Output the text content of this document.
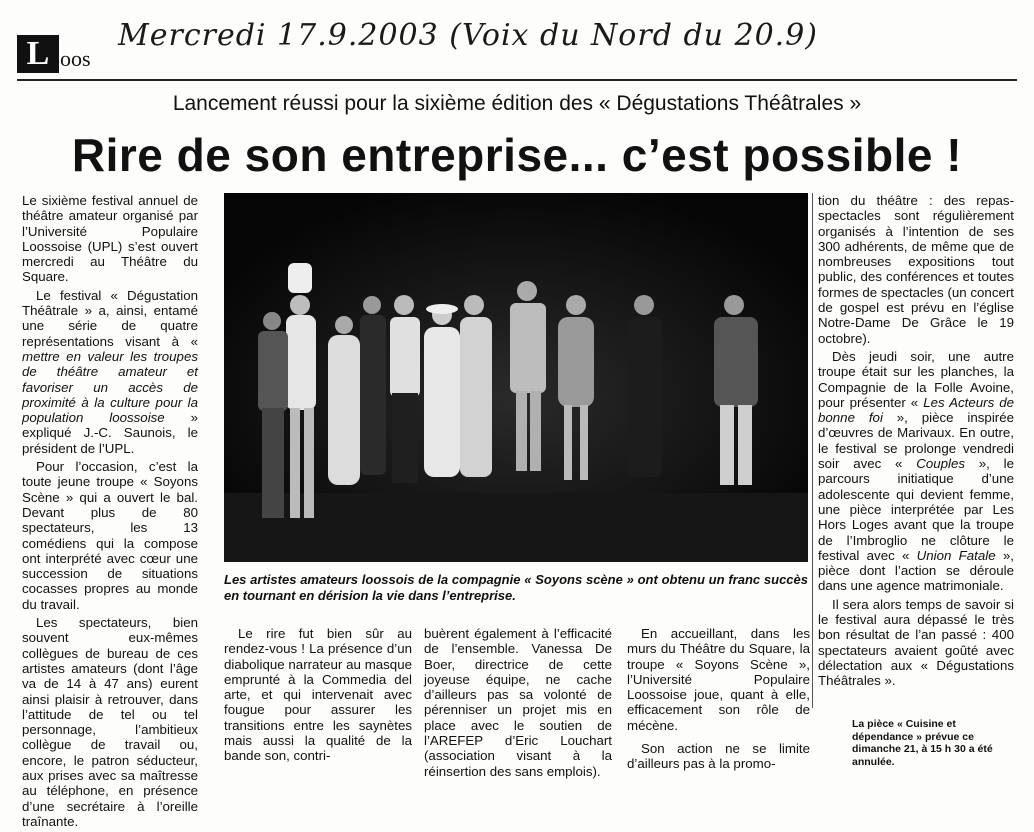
L oos
Mercredi 17.9.2003 (Voix du Nord du 20.9)
Lancement réussi pour la sixième édition des « Dégustations Théâtrales »
Rire de son entreprise... c’est possible !

Le sixième festival annuel de théâtre amateur organisé par l’Université Populaire Loossoise (UPL) s’est ouvert mercredi au Théâtre du Square.

Le festival « Dégustation Théâtrale » a, ainsi, entamé une série de quatre représentations visant à « mettre en valeur les troupes de théâtre amateur et favoriser un accès de proximité à la culture pour la population loossoise » expliqué J.-C. Saunois, le président de l’UPL.

Pour l’occasion, c’est la toute jeune troupe « Soyons Scène » qui a ouvert le bal. Devant plus de 80 spectateurs, les 13 comédiens qui la compose ont interprété avec cœur une succession de situations cocasses propres au monde du travail.

Les spectateurs, bien souvent eux-mêmes collègues de bureau de ces artistes amateurs (dont l’âge va de 14 à 47 ans) eurent ainsi plaisir à retrouver, dans l’attitude de tel ou tel personnage, l’ambitieux collègue de travail ou, encore, le patron séducteur, aux prises avec sa maîtresse au téléphone, en présence d’une secrétaire à l’oreille traînante.

Les artistes amateurs loossois de la compagnie « Soyons scène » ont obtenu un franc succès en tournant en dérision la vie dans l’entreprise.

Le rire fut bien sûr au rendez-vous ! La présence d’un diabolique narrateur au masque emprunté à la Commedia del arte, et qui intervenait avec fougue pour assurer les transitions entre les saynètes mais aussi la qualité de la bande son, contri-

buèrent également à l’efficacité de l’ensemble. Vanessa De Boer, directrice de cette joyeuse équipe, ne cache d’ailleurs pas sa volonté de pérenniser un projet mis en place avec le soutien de l’AREFEP d’Eric Louchart (association visant à la réinsertion des sans emplois).

En accueillant, dans les murs du Théâtre du Square, la troupe « Soyons Scène », l’Université Populaire Loossoise joue, quant à elle, efficacement son rôle de mécène.

Son action ne se limite d’ailleurs pas à la promo-

tion du théâtre : des repas-spectacles sont régulièrement organisés à l’intention de ses 300 adhérents, de même que de nombreuses expositions tout public, des conférences et toutes formes de spectacles (un concert de gospel est prévu en l’église Notre-Dame De Grâce le 19 octobre).

Dès jeudi soir, une autre troupe était sur les planches, la Compagnie de la Folle Avoine, pour présenter « Les Acteurs de bonne foi », pièce inspirée d’œuvres de Marivaux. En outre, le festival se prolonge vendredi soir avec « Couples », le parcours initiatique d’une adolescente qui devient femme, une pièce interprétée par Les Hors Loges avant que la troupe de l’Imbroglio ne clôture le festival avec « Union Fatale », pièce dont l’action se déroule dans une agence matrimoniale.

Il sera alors temps de savoir si le festival aura dépassé le très bon résultat de l’an passé : 400 spectateurs avaient goûté avec délectation aux « Dégustations Théâtrales ».

La pièce « Cuisine et dépendance » prévue ce dimanche 21, à 15 h 30 a été annulée.
